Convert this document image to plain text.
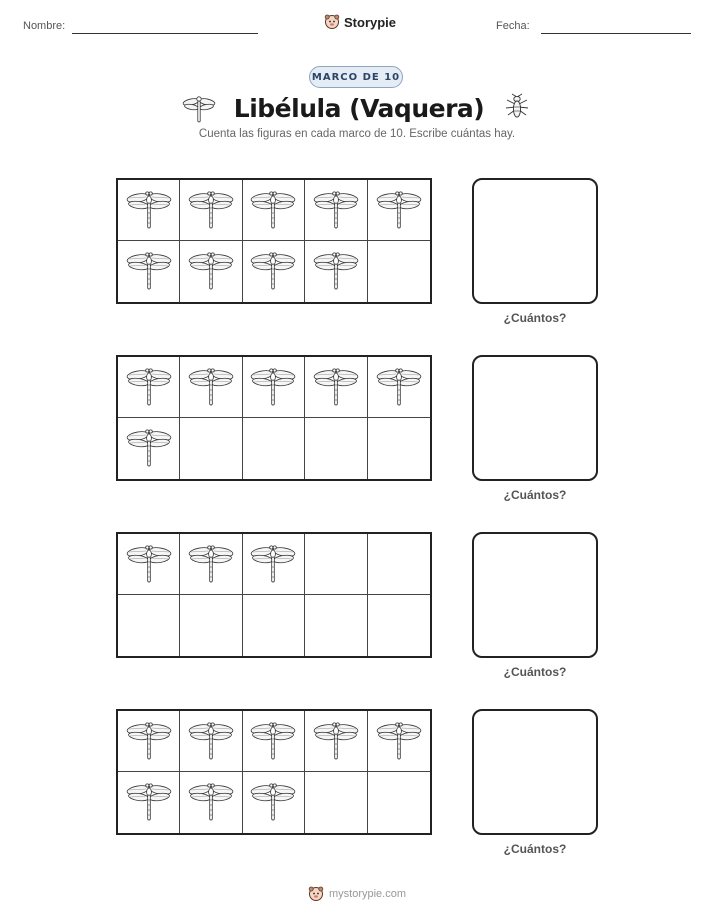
Nombre:	Storypie	Fecha:
MARCO DE 10
Libélula (Vaquera)
Cuenta las figuras en cada marco de 10. Escribe cuántas hay.
¿Cuántos?
¿Cuántos?
¿Cuántos?
¿Cuántos?
mystorypie.com
